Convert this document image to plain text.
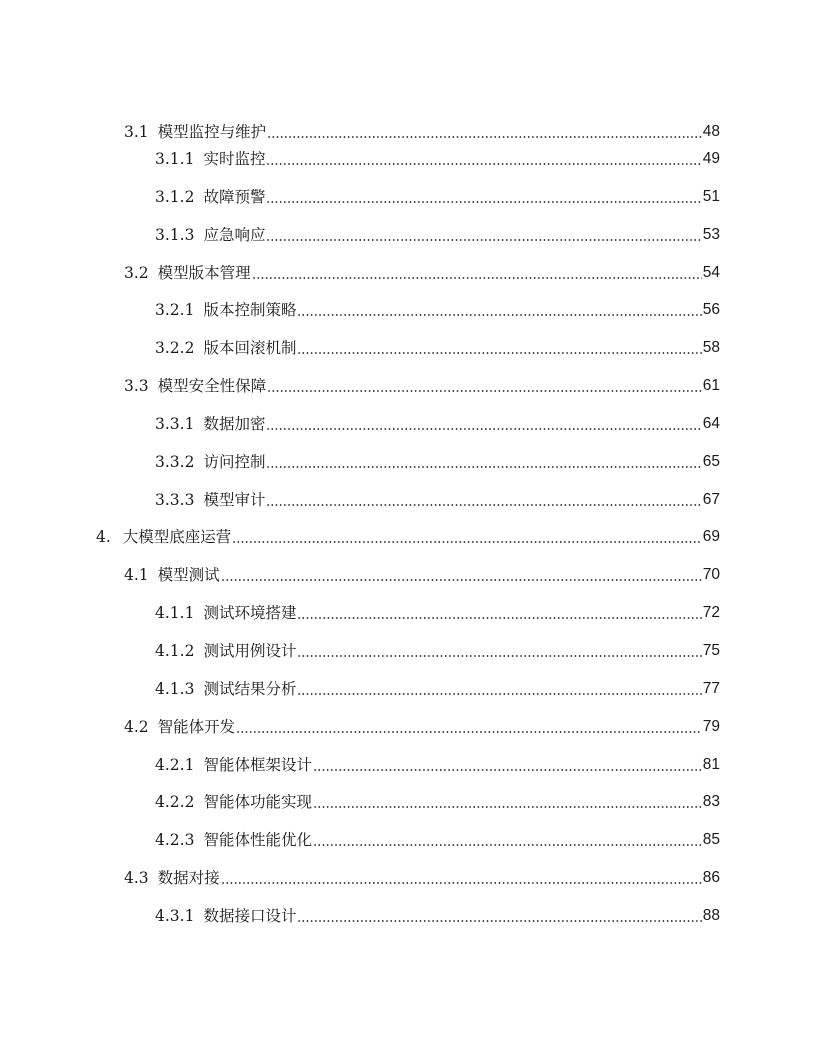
3.1 模型监控与维护	48
3.1.1 实时监控	49
3.1.2 故障预警	51
3.1.3 应急响应	53
3.2 模型版本管理	54
3.2.1 版本控制策略	56
3.2.2 版本回滚机制	58
3.3 模型安全性保障	61
3.3.1 数据加密	64
3.3.2 访问控制	65
3.3.3 模型审计	67
4. 大模型底座运营	69
4.1 模型测试	70
4.1.1 测试环境搭建	72
4.1.2 测试用例设计	75
4.1.3 测试结果分析	77
4.2 智能体开发	79
4.2.1 智能体框架设计	81
4.2.2 智能体功能实现	83
4.2.3 智能体性能优化	85
4.3 数据对接	86
4.3.1 数据接口设计	88
